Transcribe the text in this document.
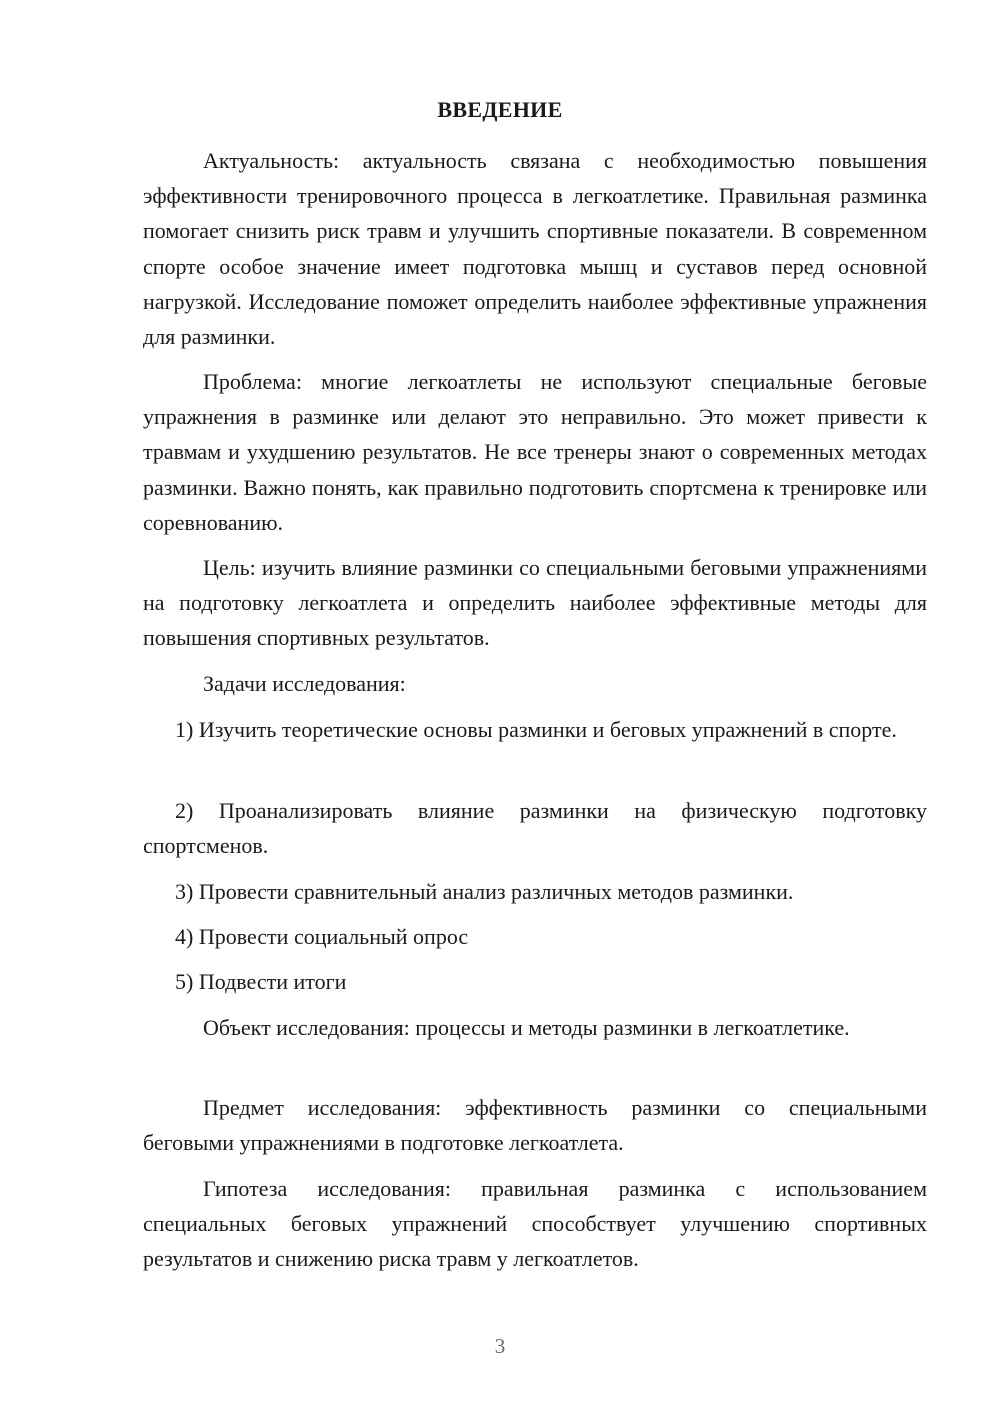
ВВЕДЕНИЕ

Актуальность: актуальность связана с необходимостью повышения эффективности тренировочного процесса в легкоатлетике. Правильная разминка помогает снизить риск травм и улучшить спортивные показатели. В современном спорте особое значение имеет подготовка мышц и суставов перед основной нагрузкой. Исследование поможет определить наиболее эффективные упражнения для разминки.

Проблема: многие легкоатлеты не используют специальные беговые упражнения в разминке или делают это неправильно. Это может привести к травмам и ухудшению результатов. Не все тренеры знают о современных методах разминки. Важно понять, как правильно подготовить спортсмена к тренировке или соревнованию.

Цель: изучить влияние разминки со специальными беговыми упражнениями на подготовку легкоатлета и определить наиболее эффективные методы для повышения спортивных результатов.

Задачи исследования:

1) Изучить теоретические основы разминки и беговых упражнений в спорте.

2) Проанализировать влияние разминки на физическую подготовку спортсменов.

3) Провести сравнительный анализ различных методов разминки.

4) Провести социальный опрос

5) Подвести итоги

Объект исследования: процессы и методы разминки в легкоатлетике.

Предмет исследования: эффективность разминки со специальными беговыми упражнениями в подготовке легкоатлета.

Гипотеза исследования: правильная разминка с использованием специальных беговых упражнений способствует улучшению спортивных результатов и снижению риска травм у легкоатлетов.

3
